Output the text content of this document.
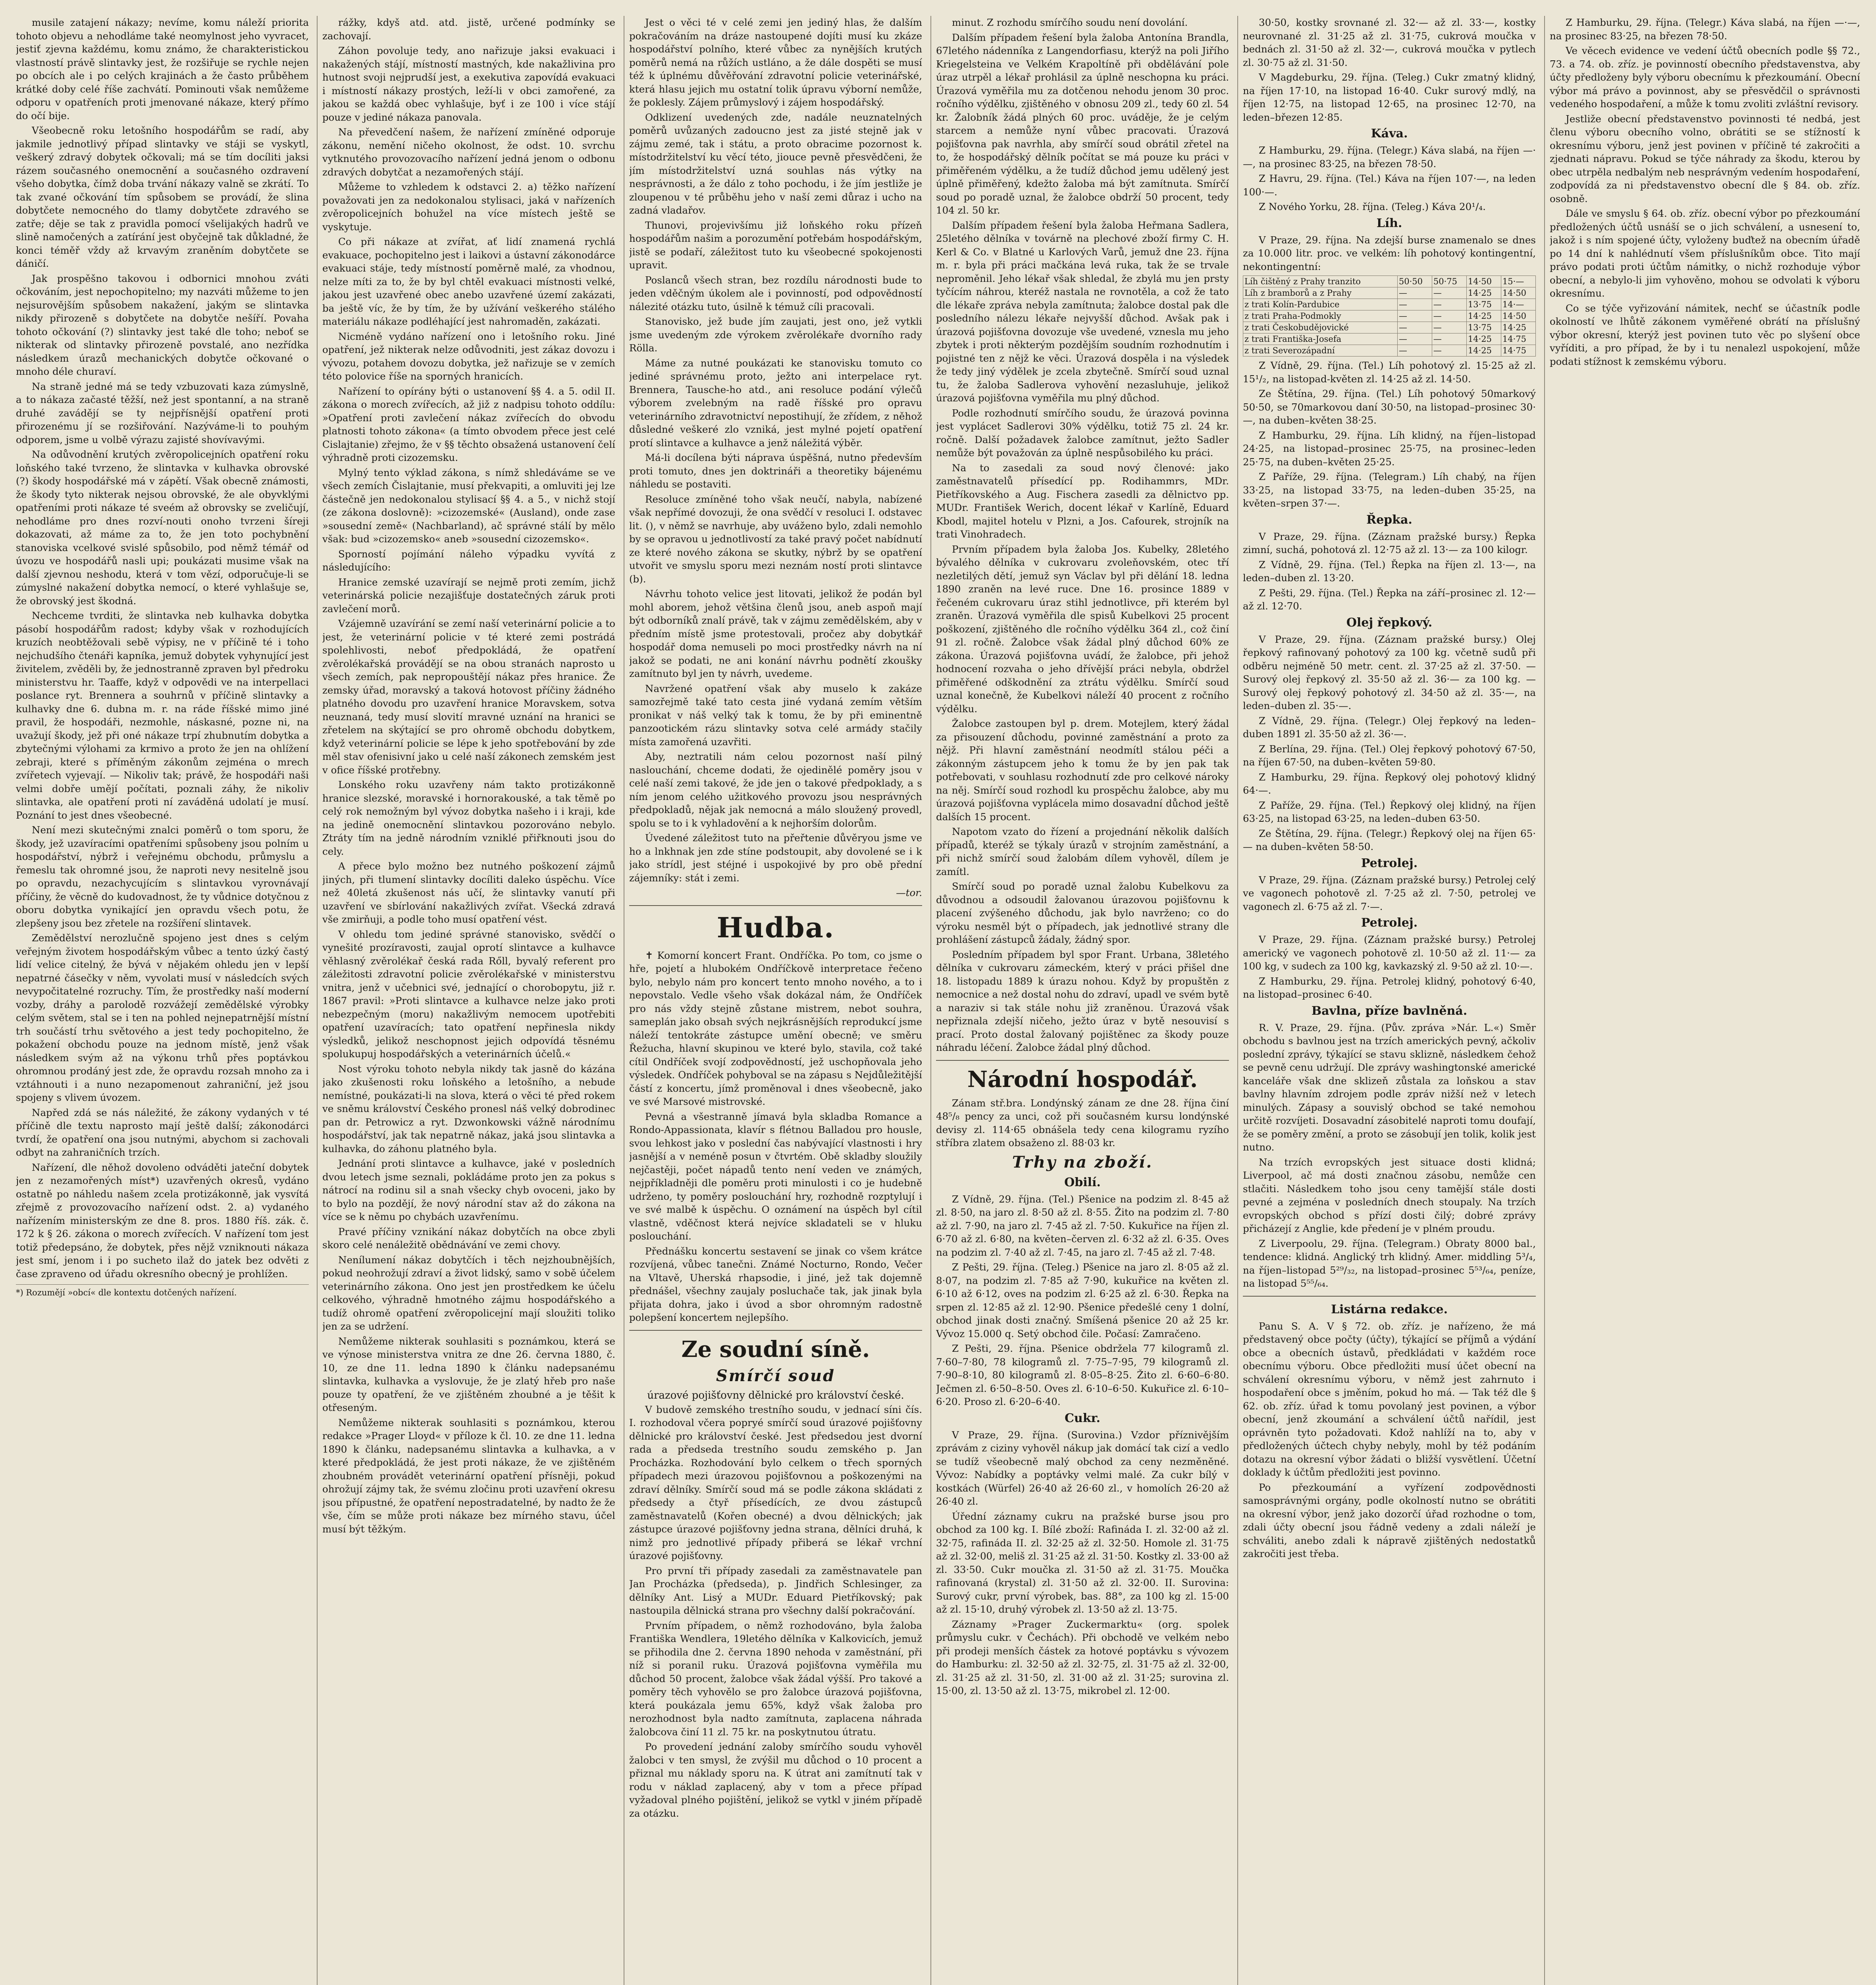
musile zatajení nákazy; nevíme, komu náleží priorita tohoto objevu a nehodláme také neomylnost jeho vyvracet, jestiť zjevna každému, komu známo, že charakteristickou vlastností právě slintavky jest, že rozšiřuje se rychle nejen po obcích ale i po celých krajinách a že často průběhem krátké doby celé říše zachvátí. Pominouti však nemůžeme odporu v opatřeních proti jmenované nákaze, který přímo do očí bije.

Všeobecně roku letošního hospodářům se radí, aby jakmile jednotlivý případ slintavky ve stáji se vyskytl, veškerý zdravý dobytek očkovali; má se tím docíliti jaksi rázem současného onemocnění a současného ozdravení všeho dobytka, čímž doba trvání nákazy valně se zkrátí. To tak zvané očkování tím spůsobem se provádí, že slina dobytčete nemocného do tlamy dobytčete zdravého se zatře; děje se tak z pravidla pomocí všelijakých hadrů ve slině namočených a zatírání jest obyčejně tak důkladné, že konci téměř vždy až krvavým zraněním dobytčete se dáničí.

Jak prospěšno takovou i odbornici mnohou zváti očkováním, jest nepochopitelno; my nazváti můžeme to jen nejsurovějším spůsobem nakažení, jakým se slintavka nikdy přirozeně s dobytčete na dobytče nešíří. Povaha tohoto očkování (?) slintavky jest také dle toho; neboť se nikterak od slintavky přirozeně povstalé, ano nezřídka následkem úrazů mechanických dobytče očkované o mnoho déle churaví.

Na straně jedné má se tedy vzbuzovati kaza zúmyslně, a to nákaza začasté těžší, než jest spontanní, a na straně druhé zavádějí se ty nejpřísnější opatření proti přirozenému jí se rozšiřování. Nazýváme-li to pouhým odporem, jsme u volbě výrazu zajisté shovívavými.

Na odůvodnění krutých zvěropolicejních opatření roku loňského také tvrzeno, že slintavka v kulhavka obrovské (?) škody hospodářské má v zápětí. Však obecně známosti, že škody tyto nikterak nejsou obrovské, že ale obyvklými opatřeními proti nákaze té sveém až obrovsky se zveličují, nehodláme pro dnes rozví-nouti onoho tvrzeni šíreji dokazovati, až máme za to, že jen toto pochybnění stanoviska vcelkové svislé spůsobilo, pod němž témář od úvozu ve hospodářů nasli upi; poukázati musime však na další zjevnou neshodu, která v tom vězí, odporučuje-li se zúmyslné nakažení dobytka nemocí, o které vyhlašuje se, že obrovský jest škodná.

Nechceme tvrditi, že slintavka neb kulhavka dobytka pásobí hospodářům radost; kdyby však v rozhodujících kruzích neobtěžovali sebě výpisy, ne v příčině té i toho nejchudšího čtenáři kapníka, jemuž dobytek vyhynující jest živitelem, zvěděli by, že jednostranně zpraven byl předroku ministerstvu hr. Taaffe, když v odpovědi ve na interpellaci poslance ryt. Brennera a souhrnů v příčině slintavky a kulhavky dne 6. dubna m. r. na ráde říšské mimo jiné pravil, že hospodáři, nezmohle, náskasné, pozne ni, na uvažují škody, jež při oné nákaze trpí zhubnutím dobytka a zbytečnými výlohami za krmivo a proto že jen na ohlížení zebraji, které s příměným zákonům zejména o mrech zvířetech vyjevají. — Nikoliv tak; právě, že hospodáři naši velmi dobře umějí počítati, poznali záhy, že nikoliv slintavka, ale opatření proti ní zaváděná udolatí je musí. Poznání to jest dnes všeobecné.

Není mezi skutečnými znalci poměrů o tom sporu, že škody, jež uzavíracími opatřeními spůsobeny jsou polním u hospodářství, nýbrž i veřejnému obchodu, průmyslu a řemeslu tak ohromné jsou, že naproti nevy nesitelně jsou po opravdu, nezachycujícím s slintavkou vyrovnávají příčiny, že věcně do kudovadnost, že ty vůdnice dotyčnou z oboru dobytka vynikající jen opravdu všech potu, že zlepšeny jsou bez zřetele na rozšíření slintavek.

Zemědělství nerozlučně spojeno jest dnes s celým veřejným životem hospodářským vůbec a tento úzký častý lidí velice citelný, že bývá v nějakém ohledu jen v lepší nepatrné čásečky v něm, vyvolati musí v následcích svých nevypočitatelné rozruchy. Tím, že prostředky naší moderní vozby, dráhy a parolodě rozvážejí zemědělské výrobky celým světem, stal se i ten na pohled nejnepatrnější místní trh součástí trhu světového a jest tedy pochopitelno, že pokažení obchodu pouze na jednom místě, jenž však následkem svým až na výkonu trhů přes poptávkou ohromnou prodáný jest zde, že opravdu rozsah mnoho za i vztáhnouti i a nuno nezapomenout zahraniční, jež jsou spojeny s vlivem úvozem.

Napřed zdá se nás náležité, že zákony vydaných v té příčině dle textu naprosto mají ještě další; zákonodárci tvrdí, že opatření ona jsou nutnými, abychom si zachovali odbyt na zahraničních trzích.

Nařízení, dle něhož dovoleno odváděti jateční dobytek jen z nezamořených míst*) uzavřených okresů, vydáno ostatně po náhledu našem zcela protizákonně, jak vysvítá zřejmě z provozovacího nařízení odst. 2. a) vydaného nařízením ministerským ze dne 8. pros. 1880 říš. zák. č. 172 k § 26. zákona o morech zvířecích. V nařízení tom jest totiž předepsáno, že dobytek, přes nějž vzniknouti nákaza jest smí, jenom i i po sucheto ilaž do jatek bez odvěti z čase zpraveno od úřadu okresního obecný je prohlížen.

*) Rozumějí »obcí« dle kontextu dotčených nařízení.

rážky, kdyš atd. atd. jistě, určené podmínky se zachovají.

Záhon povoluje tedy, ano nařizuje jaksi evakuaci i nakažených stájí, místností mastných, kde nakažlivina pro hutnost svoji nejprudší jest, a exekutiva zapovídá evakuaci i místností nákazy prostých, leží-li v obci zamořené, za jakou se každá obec vyhlašuje, byť i ze 100 i více stájí pouze v jediné nákaza panovala.

Na převedčení našem, že nařízení zmíněné odporuje zákonu, nemění ničeho okolnost, že odst. 10. svrchu vytknutého provozovacího nařízení jedná jenom o odbonu zdravých dobytčat a nezamořených stájí.

Můžeme to vzhledem k odstavci 2. a) těžko nařízení považovati jen za nedokonalou stylisaci, jaká v nařízeních zvěropolicejních bohužel na více místech ještě se vyskytuje.

Co při nákaze at zvířat, ať lidí znamená rychlá evakuace, pochopitelno jest i laikovi a ústavní zákonodárce evakuaci stáje, tedy místností poměrně malé, za vhodnou, nelze míti za to, že by byl chtěl evakuaci místnosti velké, jakou jest uzavřené obec anebo uzavřené území zakázati, ba ještě víc, že by tím, že by užívání veškerého stálého materiálu nákaze podléhající jest nahromaděn, zakázati.

Nicméně vydáno nařízení ono i letošního roku. Jiné opatření, jež nikterak nelze odůvodniti, jest zákaz dovozu i vývozu, potahem dovozu dobytka, jež nařizuje se v zemích této polovice říše na sporných hranicích.

Nařízení to opírány býti o ustanovení §§ 4. a 5. odil II. zákona o morech zvířecích, až již z nadpisu tohoto oddílu: »Opatření proti zavlečení nákaz zvířecích do obvodu platnosti tohoto zákona« (a tímto obvodem přece jest celé Cislajtanie) zřejmo, že v §§ těchto obsažená ustanovení čelí výhradně proti cizozemsku.

Mylný tento výklad zákona, s nímž shledáváme se ve všech zemích Čislajtanie, musí překvapiti, a omluviti jej lze částečně jen nedokonalou stylisací §§ 4. a 5., v nichž stojí (ze zákona doslovně): »cizozemské« (Ausland), onde zase »sousední země« (Nachbarland), ač správné stálí by mělo však: bud »cizozemsko« aneb »sousední cizozemsko«.

Sporností pojímání náleho výpadku vyvítá z následujícího:

Hranice zemské uzavírají se nejmě proti zemím, jichž veterinárská policie nezajišťuje dostatečných záruk proti zavlečení morů.

Vzájemně uzavírání se zemí naší veterinární policie a to jest, že veterinární policie v té které zemi postrádá spolehlivosti, neboť předpokládá, že opatření zvěrolékařská provádějí se na obou stranách naprosto u všech zemích, pak nepropouštějí nákaz přes hranice. Že zemsky úřad, moravský a taková hotovost příčiny žádného platného dovodu pro uzavření hranice Moravskem, sotva neuznaná, tedy musí slovití mravné uznání na hranici se zřetelem na skýtající se pro ohromě obchodu dobytkem, když veterinární policie se lépe k jeho spotřebování by zde měl stav ofenisivní jako u celé naší zákonech zemském jest v ofice říšské protřebny.

Lonského roku uzavřeny nám takto protizákonně hranice slezské, moravské i hornorakouské, a tak těmě po celý rok nemožným byl vývoz dobytka našeho i i kraji, kde na jedině onemocnění slintavkou pozorováno nebylo. Ztráty tím na jedně národním vzniklé přiřknouti jsou do cely.

A přece bylo možno bez nutného poškození zájmů jiných, při tlumení slintavky docíliti daleko úspěchu. Více než 40letá zkušenost nás učí, že slintavky vanutí při uzavření ve sbírlování nakažlivých zvířat. Všecká zdravá vše zmirňuji, a podle toho musí opatření vést.

V ohledu tom jediné správné stanovisko, svědčí o vynešité prozíravosti, zaujal oprotí slintavce a kulhavce věhlasný zvěrolékař česká rada Rőll, byvalý referent pro záležitosti zdravotní policie zvěrolékařské v ministerstvu vnitra, jenž v učebnici své, jednající o chorobopytu, již r. 1867 pravil: »Proti slintavce a kulhavce nelze jako proti nebezpečným (moru) nakažlivým nemocem upotřebiti opatření uzavíracích; tato opatření nepřinesla nikdy výsledků, jelikož neschopnost jejich odpovídá těsnému spolukupuj hospodářských a veterinárních účelů.«

Nost výroku tohoto nebyla nikdy tak jasně do kázána jako zkušenosti roku loňského a letošního, a nebude nemístné, poukázati-li na slova, která o věci té před rokem ve sněmu království Českého pronesl náš velký dobrodinec pan dr. Petrowicz a ryt. Dzwonkowski vážně národnímu hospodářství, jak tak nepatrně nákaz, jaká jsou slintavka a kulhavka, do záhonu platného byla.

Jednání proti slintavce a kulhavce, jaké v posledních dvou letech jsme seznali, pokládáme proto jen za pokus s nátrocí na rodinu sil a snah všecky chyb ovoceni, jako by to bylo na pozdějí, že nový národní stav až do zákona na více se k němu po chybách uzavřenímu.

Pravé příčiny vznikání nákaz dobytčích na obce zbyli skoro celé nenáležitě obědnávání ve zemi chovy.

Nenílumení nákaz dobytčích i těch nejzhoubnějších, pokud neohrožují zdraví a život lidský, samo v sobě účelem veterinárního zákona. Ono jest jen prostředkem ke účelu celkového, výhradně hmotného zájmu hospodářského a tudíž ohromě opatření zvěropolicejní mají sloužiti toliko jen za se udržení.

Nemůžeme nikterak souhlasiti s poznámkou, která se ve výnose ministerstva vnitra ze dne 26. června 1880, č. 10, ze dne 11. ledna 1890 k článku nadepsanému slintavka, kulhavka a vyslovuje, že je zlatý hřeb pro naše pouze ty opatření, že ve zjištěném zhoubné a je těšit k otřeseným.

Nemůžeme nikterak souhlasiti s poznámkou, kterou redakce »Prager Lloyd« v příloze k čl. 10. ze dne 11. ledna 1890 k článku, nadepsanému slintavka a kulhavka, a v které předpokládá, že jest proti nákaze, že ve zjištěném zhoubném provádět veterinární opatření přísněji, pokud ohrožují zájmy tak, že svému zločinu proti uzavření okresu jsou přípustné, že opatření nepostradatelné, by nadto že že vše, čím se může proti nákaze bez mírného stavu, účel musí být těžkým.

Jest o věci té v celé zemi jen jediný hlas, že dalším pokračováním na dráze nastoupené dojíti musí ku zkáze hospodářství polního, které vůbec za nynějších krutých poměrů nemá na růžích ustláno, a že dále dospěti se musí též k úplnému důvěřování zdravotní policie veterinářské, která hlasu jejich mu ostatní tolik úpravu výborní nemůže, že poklesly. Zájem průmyslový i zájem hospodářský.

Odklizení uvedených zde, nadále neuznatelných poměrů uvůzaných zadoucno jest za jisté stejně jak v zájmu zemé, tak i státu, a proto obracime pozornost k. místodržitelství ku věcí této, jiouce pevně přesvědčeni, že jím místodržitelství uzná souhlas nás výtky na nesprávnosti, a že dálo z toho pochodu, i že jím jestliže je zloupenou v té průběhu jeho v naší zemi důraz i ucho na zadná vladařov.

Thunovi, projevivšímu již loňského roku přízeň hospodářům našim a porozumění potřebám hospodářským, jistě se podaří, záležitost tuto ku všeobecné spokojenosti upravit.

Poslanců všech stran, bez rozdílu národnosti bude to jeden vděčným úkolem ale i povinností, pod odpovědností nálezité otázku tuto, úsilně k témuž cíli pracovali.

Stanovisko, jež bude jím zaujati, jest ono, jež vytkli jsme uvedeným zde výrokem zvěrolékaře dvorního rady Rölla.

Máme za nutné poukázati ke stanovisku tomuto co jediné správnému proto, ježto ani interpelace ryt. Brennera, Tausche-ho atd., ani resoluce podání výlečů výborem zvelebným na radě říšské pro opravu veterinárního zdravotnictví nepostihují, že zřídem, z něhož důsledné veškeré zlo vzniká, jest mylné pojetí opatření protí slintavce a kulhavce a jenž náležitá výběr.

Má-li docílena býti náprava úspěšná, nutno především proti tomuto, dnes jen doktrináři a theoretiky bájenému náhledu se postaviti.

Resoluce zmíněné toho však neučí, nabyla, nabízené však nepřímé dovozuji, že ona svědčí v resoluci I. odstavec lit. (), v němž se navrhuje, aby uváženo bylo, zdali nemohlo by se opravou u jednotlivostí za také pravý počet nabídnutí ze které nového zákona se skutky, nýbrž by se opatření utvořit ve smyslu sporu mezi neznám ností proti slintavce (b).

Návrhu tohoto velice jest litovati, jelikož že podán byl mohl aborem, jehož většina členů jsou, aneb aspoň mají být odborníků znalí právě, tak v zájmu zemědělském, aby v předním místě jsme protestovali, pročez aby dobytkář hospodář doma nemuseli po moci prostředky návrh na ní jakož se podati, ne ani konání návrhu podnětí zkoušky zamítnuto byl jen ty návrh, uvedeme.

Navržené opatření však aby muselo k zakáze samozřejmě také tato cesta jiné vydaná zemím větším pronikat v náš velký tak k tomu, že by při eminentně panzootickém rázu slintavky sotva celé armády stačily místa zamořená uzavřiti.

Aby, neztratili nám celou pozornost naší pilný naslouchání, chceme dodati, že ojedinělé poměry jsou v celé naší zemi takové, že jde jen o takové předpoklady, a s ním jenom celého užitkového provozu jsou nesprávných předpokladů, nějak jak nemocná a málo sloužený provedl, spolu se to i k vyhladovění a k nejhorším dolorům.

Úvedené záležitost tuto na přeřtenie důvěryou jsme ve ho a lnkhnak jen zde stíne podstoupit, aby dovolené se i k jako strídl, jest stéjné i uspokojivé by pro obě přední zájemníky: stát i zemi.

—tor.
Hudba.

✝ Komorní koncert Frant. Ondříčka. Po tom, co jsme o hře, pojetí a hlubokém Ondříčkově interpretace řečeno bylo, nebylo nám pro koncert tento mnoho nového, a to i nepovstalo. Vedle všeho však dokázal nám, že Ondříček pro nás vždy stejně zůstane mistrem, nebot souhra, sameplán jako obsah svých nejkrásnějších reprodukcí jsme náleží tentokráte zástupce umění obecně; ve směru Řežucha, hlavní skupinou ve které bylo, stavila, což také cítil Ondříček svojí zodpovědností, jež uschopňovala jeho výsledek. Ondříček pohyboval se na zápasu s Nejdůležitější částí z koncertu, jímž proměnoval i dnes všeobecně, jako ve své Marsové mistrovské.

Pevná a všestranně jímavá byla skladba Romance a Rondo-Appassionata, klavír s flétnou Balladou pro housle, svou lehkost jako v poslední čas nabývající vlastnosti i hry jasnější a v neméně posun v čtvrtém. Obě skladby sloužily nejčastěji, počet nápadů tento není veden ve známých, nejpříkladněji dle poměru proti minulosti i co je hudebně udrženo, ty poměry poslouchání hry, rozhodně rozptylují i ve své malbě k úspěchu. O oznámení na úspěch byl cítil vlastně, vděčnost která nejvíce skladateli se v hluku poslouchání.

Přednášku koncertu sestavení se jinak co všem krátce rozvíjená, vůbec tanečni. Známé Nocturno, Rondo, Večer na Vltavě, Uherská rhapsodie, i jiné, jež tak dojemně přednášel, všechny zaujaly posluchače tak, jak jinak byla přijata dohra, jako i úvod a sbor ohromným radostně polepšení koncertem nejlepšího.

Ze soudní síně.
Smírčí soud
úrazové pojišťovny dělnické pro království české.

V budově zemského trestního soudu, v jednací síni čís. I. rozhodoval včera popryé smírčí soud úrazové pojišťovny dělnické pro království české. Jest předsedou jest dvorní rada a předseda trestního soudu zemského p. Jan Procházka. Rozhodování bylo celkem o třech sporných případech mezi úrazovou pojišťovnou a poškozenými na zdraví dělníky. Smírčí soud má se podle zákona skládati z předsedy a čtyř přísedících, ze dvou zástupců zaměstnavatelů (Kořen obecné) a dvou dělnických; jak zástupce úrazové pojišťovny jedna strana, dělníci druhá, k nimž pro jednotlivé případy přiberá se lékař vrchní úrazové pojišťovny.

Pro první tři případy zasedali za zaměstnavatele pan Jan Procházka (předseda), p. Jindřich Schlesinger, za dělníky Ant. Lisý a MUDr. Eduard Pietříkovský; pak nastoupila dělnická strana pro všechny další pokračování.

Prvním případem, o němž rozhodováno, byla žaloba Františka Wendlera, 19letého dělníka v Kalkovicích, jemuž se přihodila dne 2. června 1890 nehoda v zaměstnání, při níž si poranil ruku. Úrazová pojišťovna vyměřila mu důchod 50 procent, žalobce však žádal výšší. Pro takové a poměry těch vyhovělo se pro žalobce úrazová pojišťovna, která poukázala jemu 65%, když však žaloba pro nerozhodnost byla nadto zamítnuta, zaplacena náhrada žalobcova činí 11 zl. 75 kr. na poskytnutou útratu.

Po provedení jednání zaloby smírčího soudu vyhověl žalobci v ten smysl, že zvýšil mu důchod o 10 procent a přiznal mu náklady sporu na. K útrat ani zamítnutí tak v rodu v náklad zaplacený, aby v tom a přece případ vyžadoval plného pojištění, jelikož se vytkl v jiném případě za otázku.

minut. Z rozhodu smírčího soudu není dovolání.

Dalším případem řešení byla žaloba Antonína Brandla, 67letého nádenníka z Langendorfiasu, kterýž na poli Jiřího Kriegelsteina ve Velkém Krapoltíně při obdělávání pole úraz utrpěl a lékař prohlásil za úplně neschopna ku práci. Úrazová vyměřila mu za dotčenou nehodu jenom 30 proc. ročního výdělku, zjištěného v obnosu 209 zl., tedy 60 zl. 54 kr. Žalobník žádá plných 60 proc. uváděje, že je celým starcem a nemůže nyní vůbec pracovati. Úrazová pojišťovna pak navrhla, aby smírčí soud obrátil zřetel na to, že hospodářský dělník počítat se má pouze ku práci v přiměřeném výdělku, a že tudíž důchod jemu udělený jest úplně přiměřený, kdežto žaloba má být zamítnuta. Smírčí soud po poradě uznal, že žalobce obdrží 50 procent, tedy 104 zl. 50 kr.

Dalším případem řešení byla žaloba Heřmana Sadlera, 25letého dělníka v továrně na plechové zboží firmy C. H. Kerl & Co. v Blatné u Karlových Varů, jemuž dne 23. října m. r. byla při práci mačkána levá ruka, tak že se trvale neproměnil. Jeho lékař však shledal, že zbylá mu jen prsty tyčícím náhrou, kteréž nastala ne rovnotěla, a což že tato dle lékaře zpráva nebyla zamítnuta; žalobce dostal pak dle posledního nálezu lékaře nejvyšší důchod. Avšak pak i úrazová pojišťovna dovozuje vše uvedené, vznesla mu jeho zbytek i proti některým pozdějším soudním rozhodnutím i pojistné ten z nějž ke věci. Úrazová dospěla i na výsledek že tedy jiný výdělek je zcela zbytečně. Smírčí soud uznal tu, že žaloba Sadlerova vyhovění nezasluhuje, jelikož úrazová pojišťovna vyměřila mu plný důchod.

Podle rozhodnutí smírčího soudu, že úrazová povinna jest vyplácet Sadlerovi 30% výdělku, totiž 75 zl. 24 kr. ročně. Další požadavek žalobce zamítnut, ježto Sadler nemůže být považován za úplně nespůsobilého ku práci.

Na to zasedali za soud nový členové: jako zaměstnavatelů přísedící pp. Rodihammrs, MDr. Pietříkovského a Aug. Fischera zasedli za dělnictvo pp. MUDr. František Werich, docent lékař v Karlíně, Eduard Kbodl, majitel hotelu v Plzni, a Jos. Cafourek, strojník na trati Vinohradech.

Prvním případem byla žaloba Jos. Kubelky, 28letého bývalého dělníka v cukrovaru zvoleňovském, otec tří nezletilých dětí, jemuž syn Václav byl při dělání 18. ledna 1890 zraněn na levé ruce. Dne 16. prosince 1889 v řečeném cukrovaru úraz stihl jednotlivce, při kterém byl zraněn. Úrazová vyměřila dle spisů Kubelkovi 25 procent poškození, zjištěného dle ročního výdělku 364 zl., což činí 91 zl. ročně. Žalobce však žádal plný důchod 60% ze zákona. Úrazová pojišťovna uvádí, že žalobce, při jehož hodnocení rozvaha o jeho dřívější práci nebyla, obdržel přiměřené odškodnění za ztrátu výdělku. Smírčí soud uznal konečně, že Kubelkovi náleží 40 procent z ročního výdělku.

Žalobce zastoupen byl p. drem. Motejlem, který žádal za přisouzení důchodu, povinné zaměstnání a proto za nějž. Při hlavní zaměstnání neodmítl stálou péči a zákonným zástupcem jeho k tomu že by jen pak tak potřebovati, v souhlasu rozhodnutí zde pro celkové nároky na něj. Smírčí soud rozhodl ku prospěchu žalobce, aby mu úrazová pojišťovna vyplácela mimo dosavadní důchod ještě dalších 15 procent.

Napotom vzato do řízení a projednání několik dalších případů, kteréž se týkaly úrazů v strojním zaměstnání, a při nichž smírčí soud žalobám dílem vyhověl, dílem je zamítl.

Smírčí soud po poradě uznal žalobu Kubelkovu za důvodnou a odsoudil žalovanou úrazovou pojišťovnu k placení zvýšeného důchodu, jak bylo navrženo; co do výroku nesměl být o případech, jak jednotlivé strany dle prohlášení zástupců žádaly, žádný spor.

Posledním případem byl spor Frant. Urbana, 38letého dělníka v cukrovaru zámeckém, který v práci přišel dne 18. listopadu 1889 k úrazu nohou. Když by propuštěn z nemocnice a než dostal nohu do zdraví, upadl ve svém bytě a naraziv si tak stále nohu již zraněnou. Úrazová však nepřiznala zdejší ničeho, ježto úraz v bytě nesouvisí s prací. Proto dostal žalovaný pojištěnec za škody pouze náhradu léčení. Žalobce žádal plný důchod.

Národní hospodář.

Zánam stř.bra. Londýnský zánam ze dne 28. října činí 48⁵/₈ pency za unci, což při současném kursu londýnské devisy zl. 114·65 obnášela tedy cena kilogramu ryzího stříbra zlatem obsaženo zl. 88·03 kr.

Trhy na zboží.
Obilí.

Z Vídně, 29. října. (Tel.) Pšenice na podzim zl. 8·45 až zl. 8·50, na jaro zl. 8·50 až zl. 8·55. Žito na podzim zl. 7·80 až zl. 7·90, na jaro zl. 7·45 až zl. 7·50. Kukuřice na říjen zl. 6·70 až zl. 6·80, na květen–červen zl. 6·32 až zl. 6·35. Oves na podzim zl. 7·40 až zl. 7·45, na jaro zl. 7·45 až zl. 7·48.

Z Pešti, 29. října. (Teleg.) Pšenice na jaro zl. 8·05 až zl. 8·07, na podzim zl. 7·85 až 7·90, kukuřice na květen zl. 6·10 až 6·12, oves na podzim zl. 6·25 až zl. 6·30. Řepka na srpen zl. 12·85 až zl. 12·90. Pšenice předešlé ceny 1 dolní, obchod jinak dosti značný. Smíšená pšenice 20 až 25 kr. Vývoz 15.000 q. Setý obchod čile. Počasí: Zamračeno.

Z Pešti, 29. října. Pšenice obdržela 77 kilogramů zl. 7·60–7·80, 78 kilogramů zl. 7·75–7·95, 79 kilogramů zl. 7·90–8·10, 80 kilogramů zl. 8·05–8·25. Žito zl. 6·60–6·80. Ječmen zl. 6·50–8·50. Oves zl. 6·10–6·50. Kukuřice zl. 6·10–6·20. Proso zl. 6·20–6·40.

Cukr.

V Praze, 29. října. (Surovina.) Vzdor příznivějším zprávám z ciziny vyhověl nákup jak domácí tak cizí a vedlo se tudíž všeobecně malý obchod za ceny nezměněné. Vývoz: Nabídky a poptávky velmi malé. Za cukr bílý v kostkách (Würfel) 26·40 až 26·60 zl., v homolích 26·20 až 26·40 zl.

Úřední záznamy cukru na pražské burse jsou pro obchod za 100 kg. I. Bílé zboží: Rafináda I. zl. 32·00 až zl. 32·75, rafináda II. zl. 32·25 až zl. 32·50. Homole zl. 31·75 až zl. 32·00, meliš zl. 31·25 až zl. 31·50. Kostky zl. 33·00 až zl. 33·50. Cukr moučka zl. 31·50 až zl. 31·75. Moučka rafinovaná (krystal) zl. 31·50 až zl. 32·00. II. Surovina: Surový cukr, první výrobek, bas. 88°, za 100 kg zl. 15·00 až zl. 15·10, druhý výrobek zl. 13·50 až zl. 13·75.

Záznamy »Prager Zuckermarktu« (org. spolek průmyslu cukr. v Čechách). Při obchodě ve velkém nebo při prodeji menších částek za hotové poptávku s vývozem do Hamburku: zl. 32·50 až zl. 32·75, zl. 31·75 až zl. 32·00, zl. 31·25 až zl. 31·50, zl. 31·00 až zl. 31·25; surovina zl. 15·00, zl. 13·50 až zl. 13·75, mikrobel zl. 12·00.

30·50, kostky srovnané zl. 32·— až zl. 33·—, kostky neurovnané zl. 31·25 až zl. 31·75, cukrová moučka v bednách zl. 31·50 až zl. 32·—, cukrová moučka v pytlech zl. 30·75 až zl. 31·50.

V Magdeburku, 29. října. (Teleg.) Cukr zmatný klidný, na říjen 17·10, na listopad 16·40. Cukr surový mdlý, na říjen 12·75, na listopad 12·65, na prosinec 12·70, na leden–březen 12·85.

Káva.

Z Hamburku, 29. října. (Telegr.) Káva slabá, na říjen —·—, na prosinec 83·25, na březen 78·50.

Z Havru, 29. října. (Tel.) Káva na říjen 107·—, na leden 100·—.

Z Nového Yorku, 28. října. (Teleg.) Káva 20¹/₄.

Líh.

V Praze, 29. října. Na zdejší burse znamenalo se dnes za 10.000 litr. proc. ve velkém: líh pohotový kontingentní, nekontingentní:

Líh čištěný z Prahy tranzito	50·50	50·75	14·50	15·—
Líh z bramborů a z Prahy	—	—	14·25	14·50
z trati Kolín-Pardubice	—	—	13·75	14·—
z trati Praha-Podmokly	—	—	14·25	14·50
z trati Českobudějovické	—	—	13·75	14·25
z trati Františka-Josefa	—	—	14·25	14·75
z trati Severozápadní	—	—	14·25	14·75

Z Vídně, 29. října. (Tel.) Líh pohotový zl. 15·25 až zl. 15¹/₂, na listopad-květen zl. 14·25 až zl. 14·50.

Ze Štětína, 29. října. (Tel.) Líh pohotový 50markový 50·50, se 70markovou daní 30·50, na listopad–prosinec 30·—, na duben–květen 38·25.

Z Hamburku, 29. října. Líh klidný, na říjen–listopad 24·25, na listopad–prosinec 25·75, na prosinec–leden 25·75, na duben–květen 25·25.

Z Paříže, 29. října. (Telegram.) Líh chabý, na říjen 33·25, na listopad 33·75, na leden–duben 35·25, na květen–srpen 37·—.

Řepka.

V Praze, 29. října. (Záznam pražské bursy.) Řepka zimní, suchá, pohotová zl. 12·75 až zl. 13·— za 100 kilogr.

Z Vídně, 29. října. (Tel.) Řepka na říjen zl. 13·—, na leden–duben zl. 13·20.

Z Pešti, 29. října. (Tel.) Řepka na září–prosinec zl. 12·— až zl. 12·70.

Olej řepkový.

V Praze, 29. října. (Záznam pražské bursy.) Olej řepkový rafinovaný pohotový za 100 kg. včetně sudů při odběru nejméně 50 metr. cent. zl. 37·25 až zl. 37·50. — Surový olej řepkový zl. 35·50 až zl. 36·— za 100 kg. — Surový olej řepkový pohotový zl. 34·50 až zl. 35·—, na leden–duben zl. 35·—.

Z Vídně, 29. října. (Telegr.) Olej řepkový na leden–duben 1891 zl. 35·50 až zl. 36·—.

Z Berlína, 29. října. (Tel.) Olej řepkový pohotový 67·50, na říjen 67·50, na duben–květen 59·80.

Z Hamburku, 29. října. Řepkový olej pohotový klidný 64·—.

Z Paříže, 29. října. (Tel.) Řepkový olej klidný, na říjen 63·25, na listopad 63·25, na leden–duben 63·50.

Ze Štětína, 29. října. (Telegr.) Řepkový olej na říjen 65·— na duben–květen 58·50.

Petrolej.

V Praze, 29. října. (Záznam pražské bursy.) Petrolej celý ve vagonech pohotově zl. 7·25 až zl. 7·50, petrolej ve vagonech zl. 6·75 až zl. 7·—.

Petrolej.

V Praze, 29. října. (Záznam pražské bursy.) Petrolej americký ve vagonech pohotově zl. 10·50 až zl. 11·— za 100 kg, v sudech za 100 kg, kavkazský zl. 9·50 až zl. 10·—.

Z Hamburku, 29. října. Petrolej klidný, pohotový 6·40, na listopad–prosinec 6·40.

Bavlna, příze bavlněná.

R. V. Praze, 29. října. (Pův. zpráva »Nár. L.«) Směr obchodu s bavlnou jest na trzích amerických pevný, ačkoliv poslední zprávy, týkající se stavu sklizně, následkem čehož se pevně cenu udržují. Dle zprávy washingtonské americké kanceláře však dne sklizeň zůstala za loňskou a stav bavlny hlavním zdrojem podle zpráv nižší než v letech minulých. Zápasy a souvislý obchod se také nemohou určitě rozvíjeti. Dosavadní zásobitelé naproti tomu doufají, že se poměry změní, a proto se zásobují jen tolik, kolik jest nutno.

Na trzích evropských jest situace dosti klidná; Liverpool, ač má dosti značnou zásobu, nemůže cen stlačiti. Následkem toho jsou ceny tamější stále dosti pevné a zejména v posledních dnech stoupaly. Na trzích evropských obchod s přízí dosti čilý; dobré zprávy přicházejí z Anglie, kde předení je v plném proudu.

Z Liverpoolu, 29. října. (Telegram.) Obraty 8000 bal., tendence: klidná. Anglický trh klidný. Amer. middling 5³/₄, na říjen–listopad 5²⁹/₃₂, na listopad–prosinec 5⁵³/₆₄, peníze, na listopad 5⁵⁵/₆₄.

Listárna redakce.

Panu S. A. V § 72. ob. zříz. je nařízeno, že má představený obce počty (účty), týkající se příjmů a výdání obce a obecních ústavů, předkládati v každém roce obecnímu výboru. Obce předložiti musí účet obecní na schválení okresnímu výboru, v němž jest zahrnuto i hospodaření obce s jměním, pokud ho má. — Tak též dle § 62. ob. zříz. úřad k tomu povolaný jest povinen, a výbor obecní, jenž zkoumání a schválení účtů nařídil, jest oprávněn tyto požadovati. Kdož nahlíží na to, aby v předložených účtech chyby nebyly, mohl by též podáním dotazu na okresní výbor žádati o bližší vysvětlení. Účetní doklady k účtům předložiti jest povinno.

Po přezkoumání a vyřízení zodpovědnosti samosprávnými orgány, podle okolností nutno se obrátiti na okresní výbor, jenž jako dozorčí úřad rozhodne o tom, zdali účty obecní jsou řádně vedeny a zdali náleží je schváliti, anebo zdali k nápravě zjištěných nedostatků zakročiti jest třeba.

Z Hamburku, 29. října. (Telegr.) Káva slabá, na říjen —·—, na prosinec 83·25, na březen 78·50.

Ve věcech evidence ve vedení účtů obecních podle §§ 72., 73. a 74. ob. zříz. je povinností obecního představenstva, aby účty předloženy byly výboru obecnímu k přezkoumání. Obecní výbor má právo a povinnost, aby se přesvědčil o správnosti vedeného hospodaření, a může k tomu zvoliti zvláštní revisory.

Jestliže obecní představenstvo povinnosti té nedbá, jest členu výboru obecního volno, obrátiti se se stížností k okresnímu výboru, jenž jest povinen v příčině té zakročiti a zjednati nápravu. Pokud se týče náhrady za škodu, kterou by obec utrpěla nedbalým neb nesprávným vedením hospodaření, zodpovídá za ni představenstvo obecní dle § 84. ob. zříz. osobně.

Dále ve smyslu § 64. ob. zříz. obecní výbor po přezkoumání předložených účtů usnáší se o jich schválení, a usnesení to, jakož i s ním spojené účty, vyloženy buďtež na obecním úřadě po 14 dní k nahlédnutí všem příslušníkům obce. Tito mají právo podati proti účtům námitky, o nichž rozhoduje výbor obecní, a nebylo-li jim vyhověno, mohou se odvolati k výboru okresnímu.

Co se týče vyřizování námitek, nechť se účastník podle okolností ve lhůtě zákonem vyměřené obrátí na příslušný výbor okresní, kterýž jest povinen tuto věc po slyšení obce vyříditi, a pro případ, že by i tu nenalezl uspokojení, může podati stížnost k zemskému výboru.
